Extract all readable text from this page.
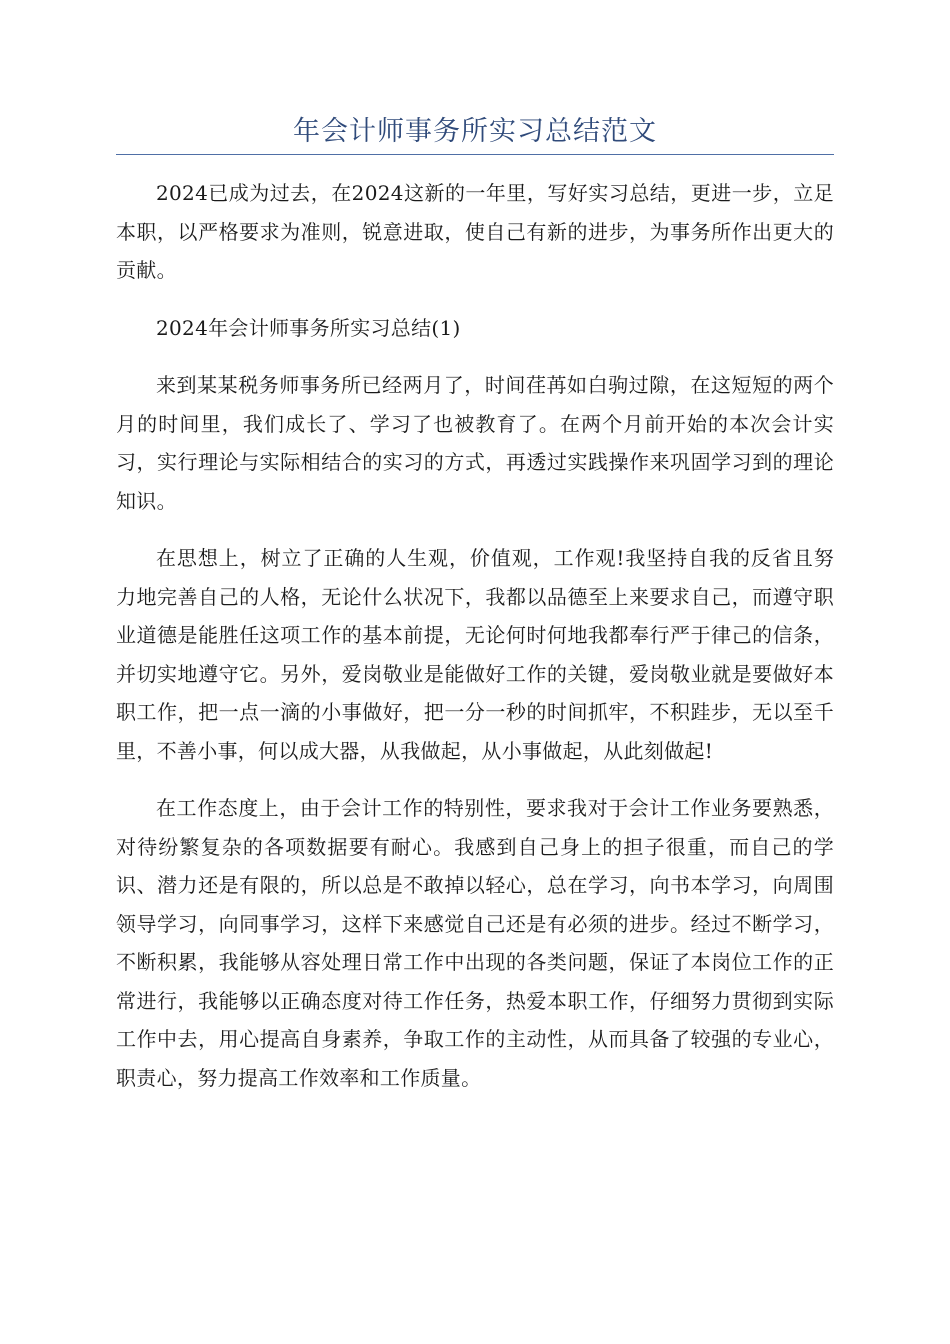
年会计师事务所实习总结范文

2024已成为过去，在2024这新的一年里，写好实习总结，更进一步，立足本职，以严格要求为准则，锐意进取，使自己有新的进步，为事务所作出更大的贡献。

2024年会计师事务所实习总结(1)

来到某某税务师事务所已经两月了，时间荏苒如白驹过隙，在这短短的两个月的时间里，我们成长了、学习了也被教育了。在两个月前开始的本次会计实习，实行理论与实际相结合的实习的方式，再透过实践操作来巩固学习到的理论知识。

在思想上，树立了正确的人生观，价值观，工作观!我坚持自我的反省且努力地完善自己的人格，无论什么状况下，我都以品德至上来要求自己，而遵守职业道德是能胜任这项工作的基本前提，无论何时何地我都奉行严于律己的信条，并切实地遵守它。另外，爱岗敬业是能做好工作的关键，爱岗敬业就是要做好本职工作，把一点一滴的小事做好，把一分一秒的时间抓牢，不积跬步，无以至千里，不善小事，何以成大器，从我做起，从小事做起，从此刻做起!

在工作态度上，由于会计工作的特别性，要求我对于会计工作业务要熟悉，对待纷繁复杂的各项数据要有耐心。我感到自己身上的担子很重，而自己的学识、潜力还是有限的，所以总是不敢掉以轻心，总在学习，向书本学习，向周围领导学习，向同事学习，这样下来感觉自己还是有必须的进步。经过不断学习，不断积累，我能够从容处理日常工作中出现的各类问题，保证了本岗位工作的正常进行，我能够以正确态度对待工作任务，热爱本职工作，仔细努力贯彻到实际工作中去，用心提高自身素养，争取工作的主动性，从而具备了较强的专业心，职责心，努力提高工作效率和工作质量。
